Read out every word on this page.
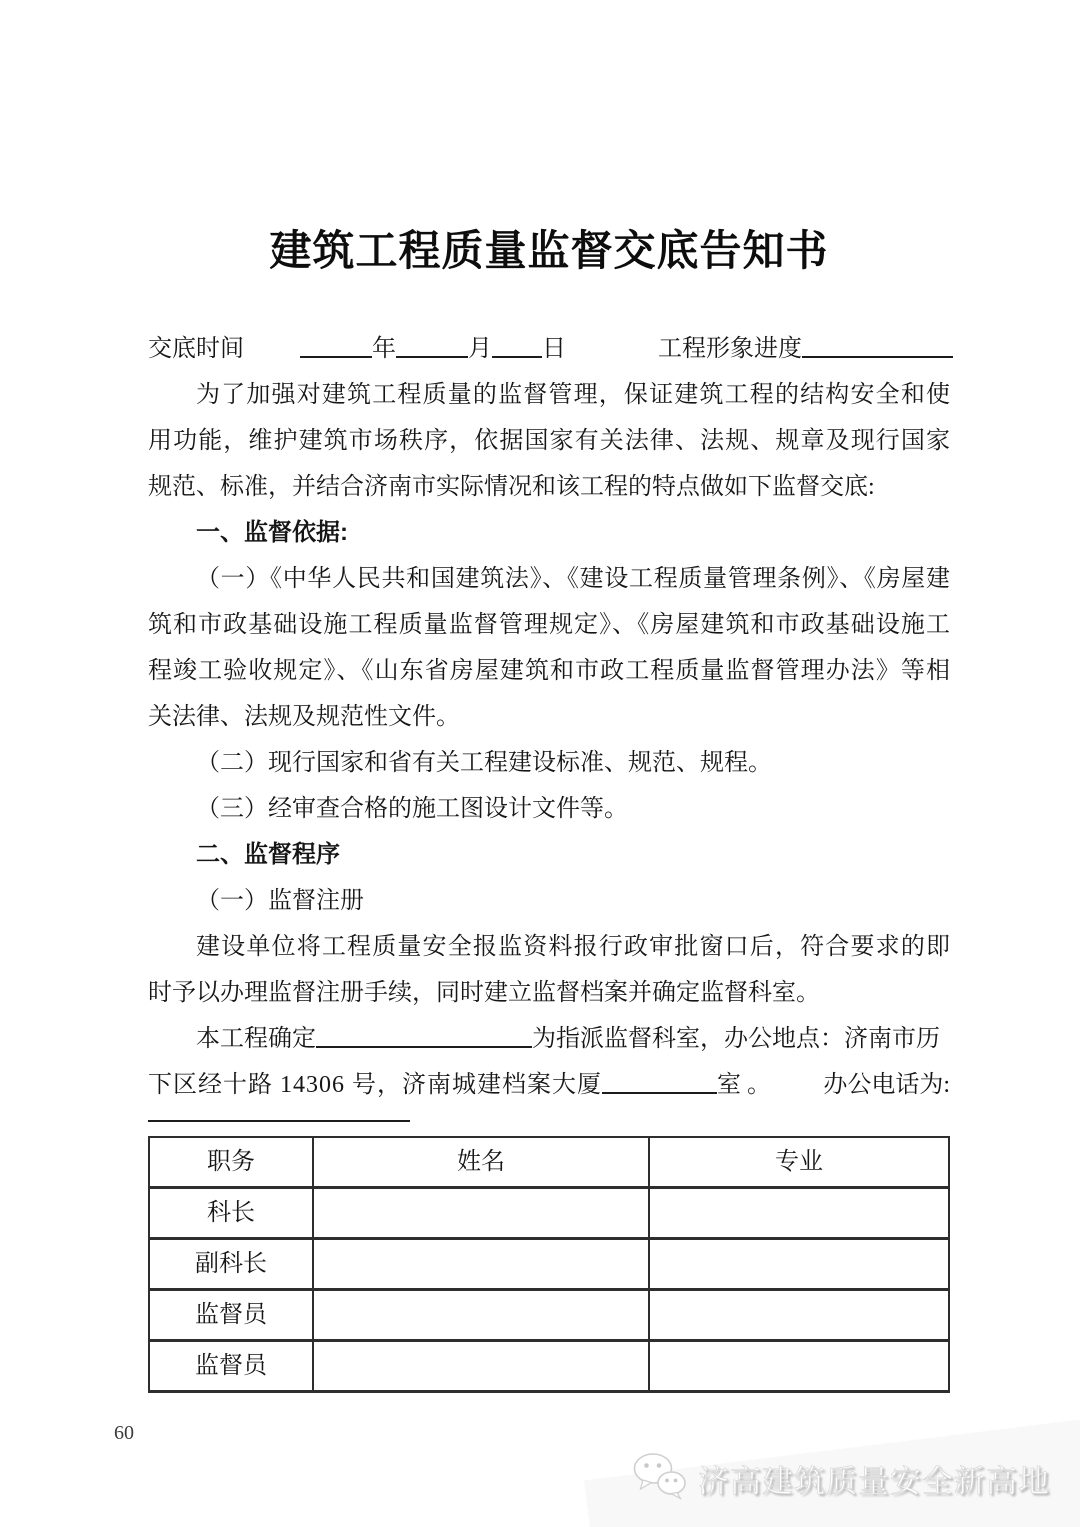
建筑工程质量监督交底告知书
交底时间	年	月 日	工程形象进度
为了加强对建筑工程质量的监督管理，保证建筑工程的结构安全和使
用功能，维护建筑市场秩序，依据国家有关法律、法规、规章及现行国家
规范、标准，并结合济南市实际情况和该工程的特点做如下监督交底:
一、监督依据:
（一）《中华人民共和国建筑法》、《建设工程质量管理条例》、《房屋建
筑和市政基础设施工程质量监督管理规定》、《房屋建筑和市政基础设施工
程竣工验收规定》、《山东省房屋建筑和市政工程质量监督管理办法》等相
关法律、法规及规范性文件。
（二）现行国家和省有关工程建设标准、规范、规程。
（三）经审查合格的施工图设计文件等。
二、监督程序
（一）监督注册
建设单位将工程质量安全报监资料报行政审批窗口后，符合要求的即
时予以办理监督注册手续，同时建立监督档案并确定监督科室。
本工程确定	为指派监督科室，办公地点：济南市历
下区经十路 14306 号，济南城建档案大厦	室 。 办公电话为:
职务	姓名	专业
科长		
副科长		
监督员		
监督员		
60
济高建筑质量安全新高地
